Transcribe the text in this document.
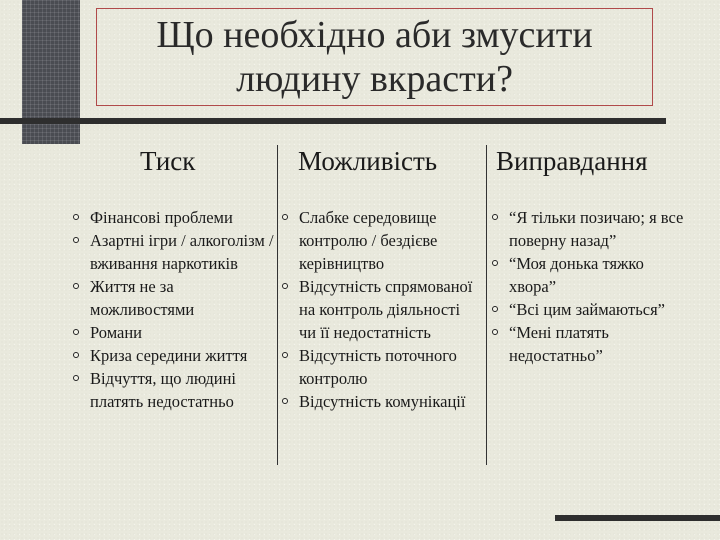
Що необхідно аби змусити
людину вкрасти?
Тиск	Можливість Виправдання
Фінансові проблеми
Азартні ігри / алкоголізм / вживання наркотиків
Життя не за можливостями
Романи
Криза середини життя
Відчуття, що людині платять недостатньо
Слабке середовище контролю / бездієве керівництво
Відсутність спрямованої на контроль діяльності чи її недостатність
Відсутність поточного контролю
Відсутність комунікації
“Я тільки позичаю; я все поверну назад”
“Моя донька тяжко хвора”
“Всі цим займаються”
“Мені платять недостатньо”
